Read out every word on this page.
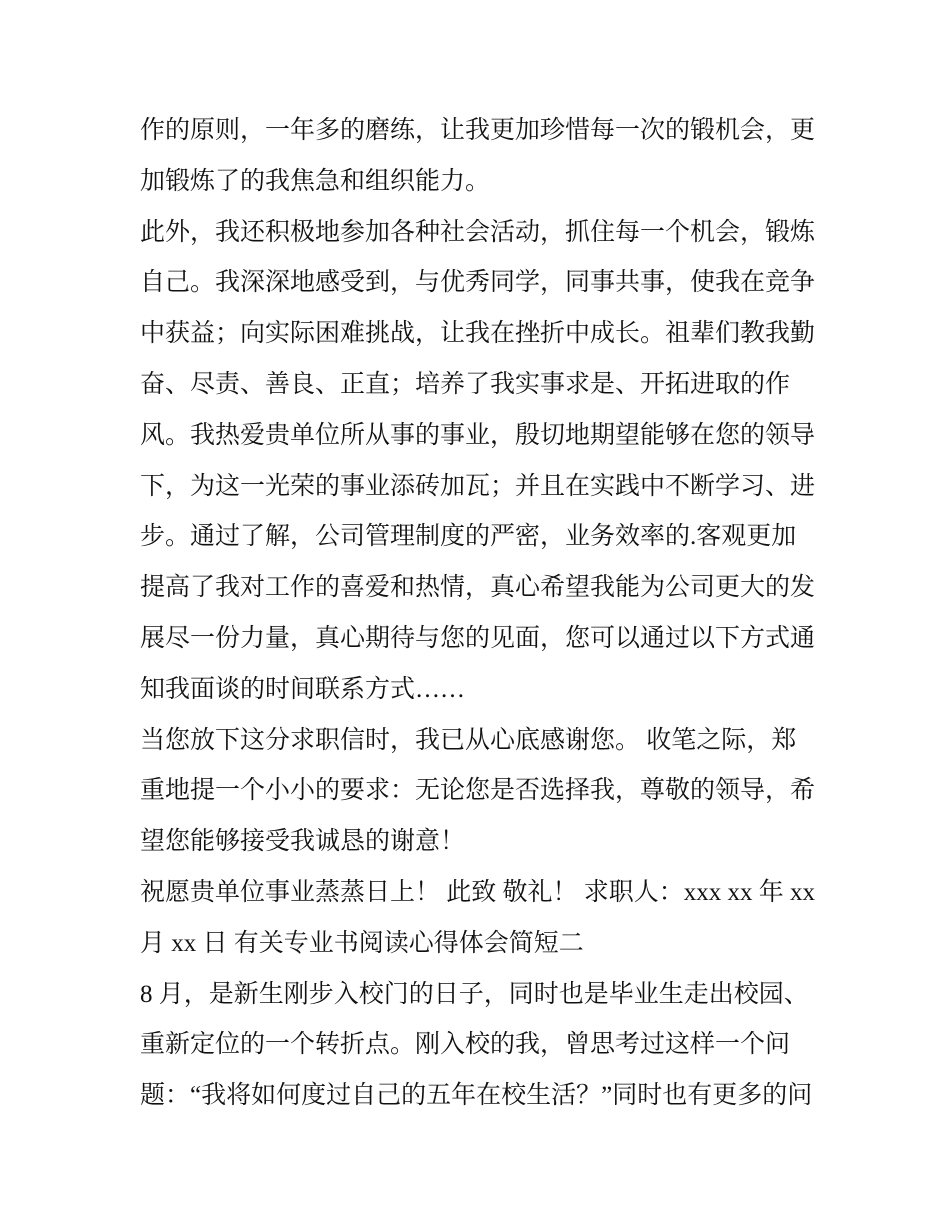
作的原则，一年多的磨练，让我更加珍惜每一次的锻机会，更
加锻炼了的我焦急和组织能力。
此外，我还积极地参加各种社会活动，抓住每一个机会，锻炼
自己。我深深地感受到，与优秀同学，同事共事，使我在竞争
中获益；向实际困难挑战，让我在挫折中成长。祖辈们教我勤
奋、尽责、善良、正直；培养了我实事求是、开拓进取的作
风。我热爱贵单位所从事的事业，殷切地期望能够在您的领导
下，为这一光荣的事业添砖加瓦；并且在实践中不断学习、进
步。通过了解，公司管理制度的严密，业务效率的.客观更加
提高了我对工作的喜爱和热情，真心希望我能为公司更大的发
展尽一份力量，真心期待与您的见面，您可以通过以下方式通
知我面谈的时间联系方式……
当您放下这分求职信时，我已从心底感谢您。 收笔之际，郑
重地提一个小小的要求：无论您是否选择我，尊敬的领导，希
望您能够接受我诚恳的谢意！
祝愿贵单位事业蒸蒸日上！ 此致 敬礼！ 求职人：xxx xx 年 xx
月 xx 日 有关专业书阅读心得体会简短二
8 月，是新生刚步入校门的日子，同时也是毕业生走出校园、
重新定位的一个转折点。刚入校的我，曾思考过这样一个问
题：“我将如何度过自己的五年在校生活？”同时也有更多的问
